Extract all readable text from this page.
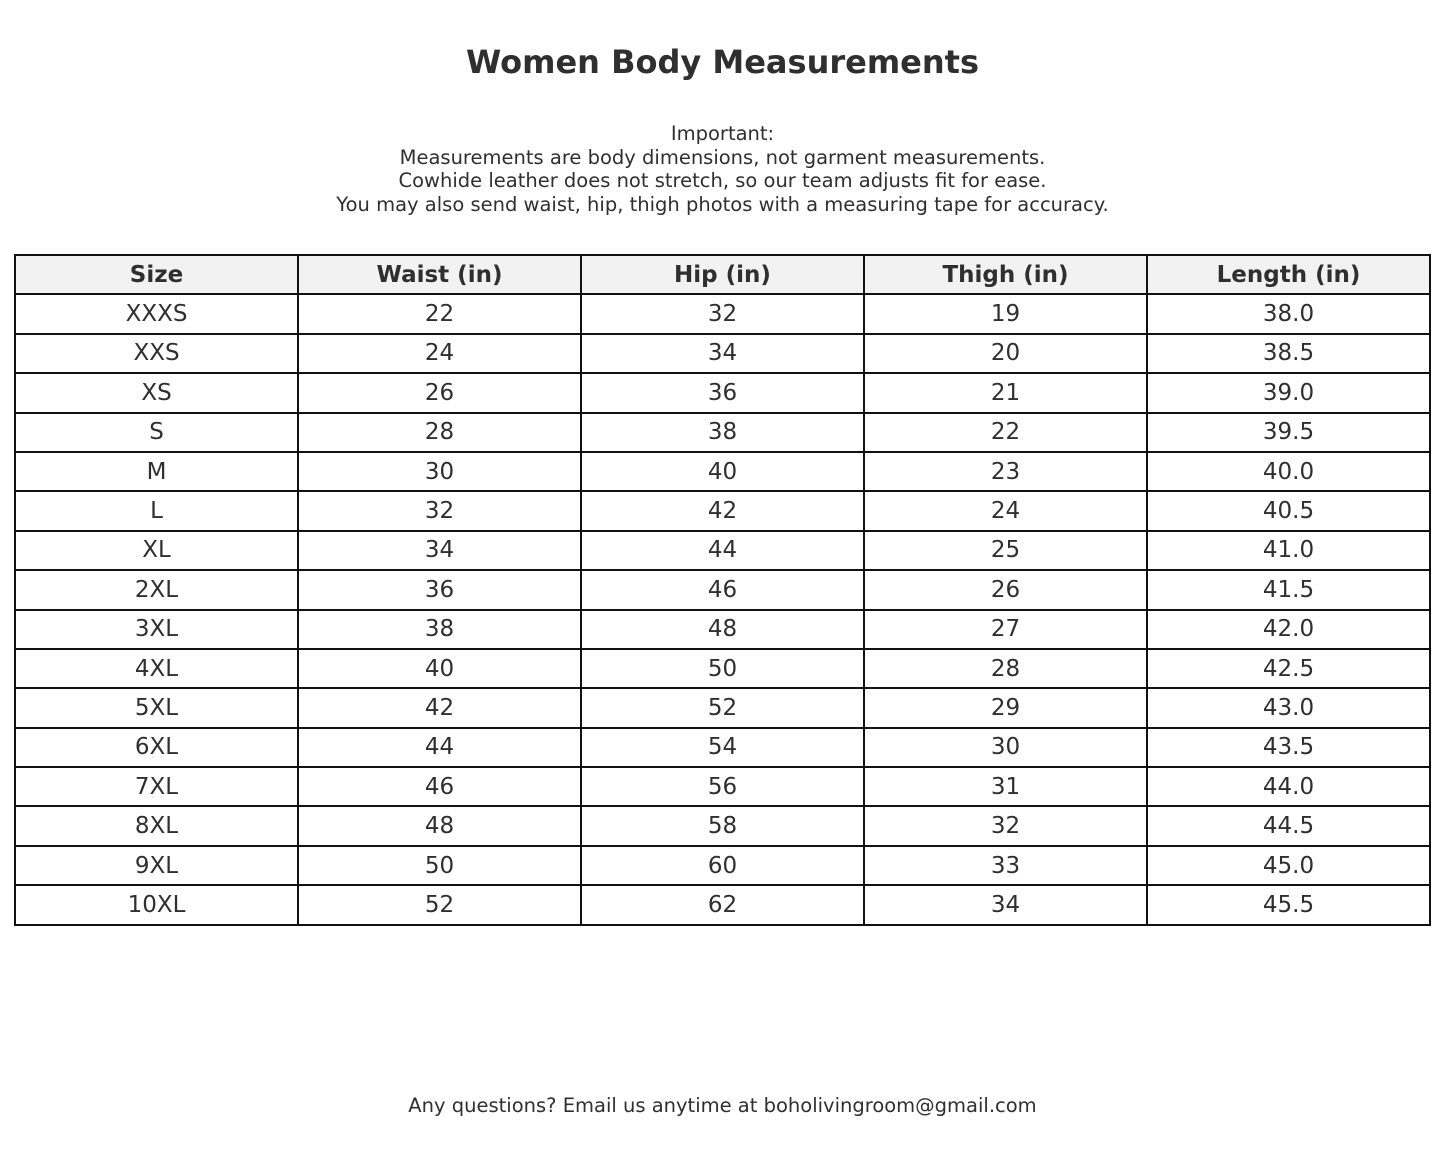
Women Body Measurements
Important:
Measurements are body dimensions, not garment measurements.
Cowhide leather does not stretch, so our team adjusts fit for ease.
You may also send waist, hip, thigh photos with a measuring tape for accuracy.
Size	Waist (in)	Hip (in)	Thigh (in)	Length (in)
XXXS	22	32	19	38.0
XXS	24	34	20	38.5
XS	26	36	21	39.0
S	28	38	22	39.5
M	30	40	23	40.0
L	32	42	24	40.5
XL	34	44	25	41.0
2XL	36	46	26	41.5
3XL	38	48	27	42.0
4XL	40	50	28	42.5
5XL	42	52	29	43.0
6XL	44	54	30	43.5
7XL	46	56	31	44.0
8XL	48	58	32	44.5
9XL	50	60	33	45.0
10XL	52	62	34	45.5
Any questions? Email us anytime at boholivingroom@gmail.com
